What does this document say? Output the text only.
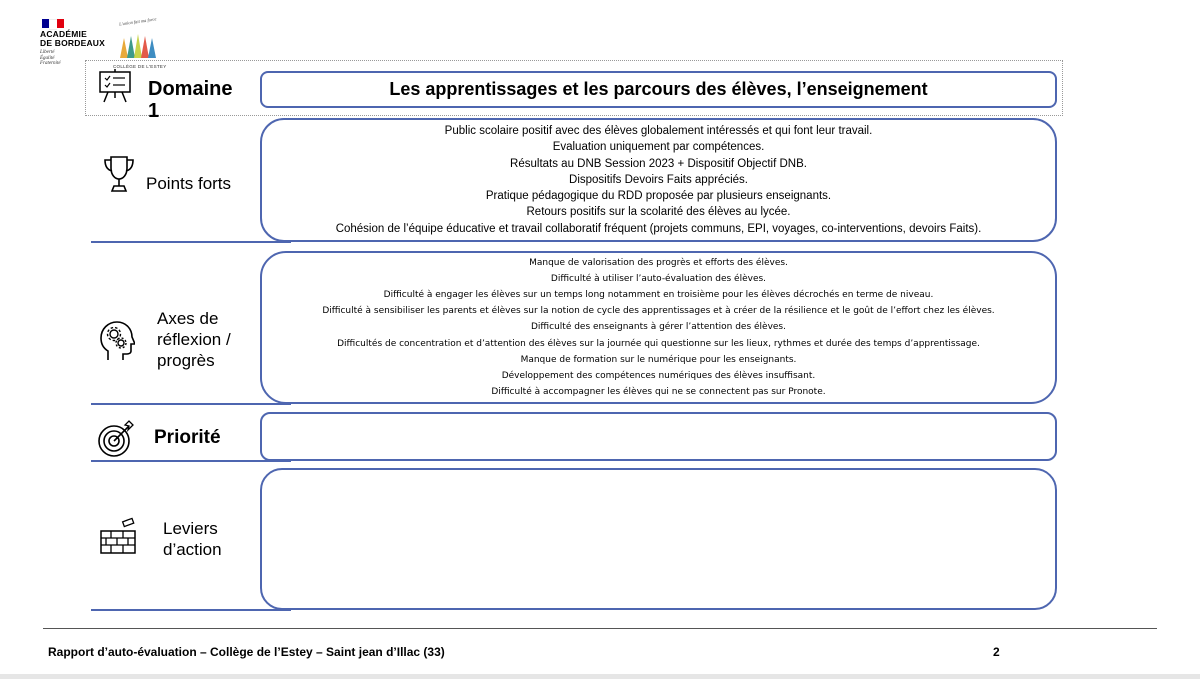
ACADÉMIE
DE BORDEAUX
Liberté
Égalité
Fraternité
L'union fait ma force
COLLÈGE DE L'ESTEY
Domaine 1
Les apprentissages et les parcours des élèves, l’enseignement
Points forts
Public scolaire positif avec des élèves globalement intéressés et qui font leur travail.
Evaluation uniquement par compétences.
Résultats au DNB Session 2023 + Dispositif Objectif DNB.
Dispositifs Devoirs Faits appréciés.
Pratique pédagogique du RDD proposée par plusieurs enseignants.
Retours positifs sur la scolarité des élèves au lycée.
Cohésion de l’équipe éducative et travail collaboratif fréquent (projets communs, EPI, voyages, co-interventions, devoirs Faits).
Axes de
réflexion /
progrès
Manque de valorisation des progrès et efforts des élèves.
Difficulté à utiliser l’auto-évaluation des élèves.
Difficulté à engager les élèves sur un temps long notamment en troisième pour les élèves décrochés en terme de niveau.
Difficulté à sensibiliser les parents et élèves sur la notion de cycle des apprentissages et à créer de la résilience et le goût de l’effort chez les élèves.
Difficulté des enseignants à gérer l’attention des élèves.
Difficultés de concentration et d’attention des élèves sur la journée qui questionne sur les lieux, rythmes et durée des temps d’apprentissage.
Manque de formation sur le numérique pour les enseignants.
Développement des compétences numériques des élèves insuffisant.
Difficulté à accompagner les élèves qui ne se connectent pas sur Pronote.
Priorité
Leviers
d’action
Rapport d’auto-évaluation – Collège de l’Estey – Saint jean d’Illac (33)	2
